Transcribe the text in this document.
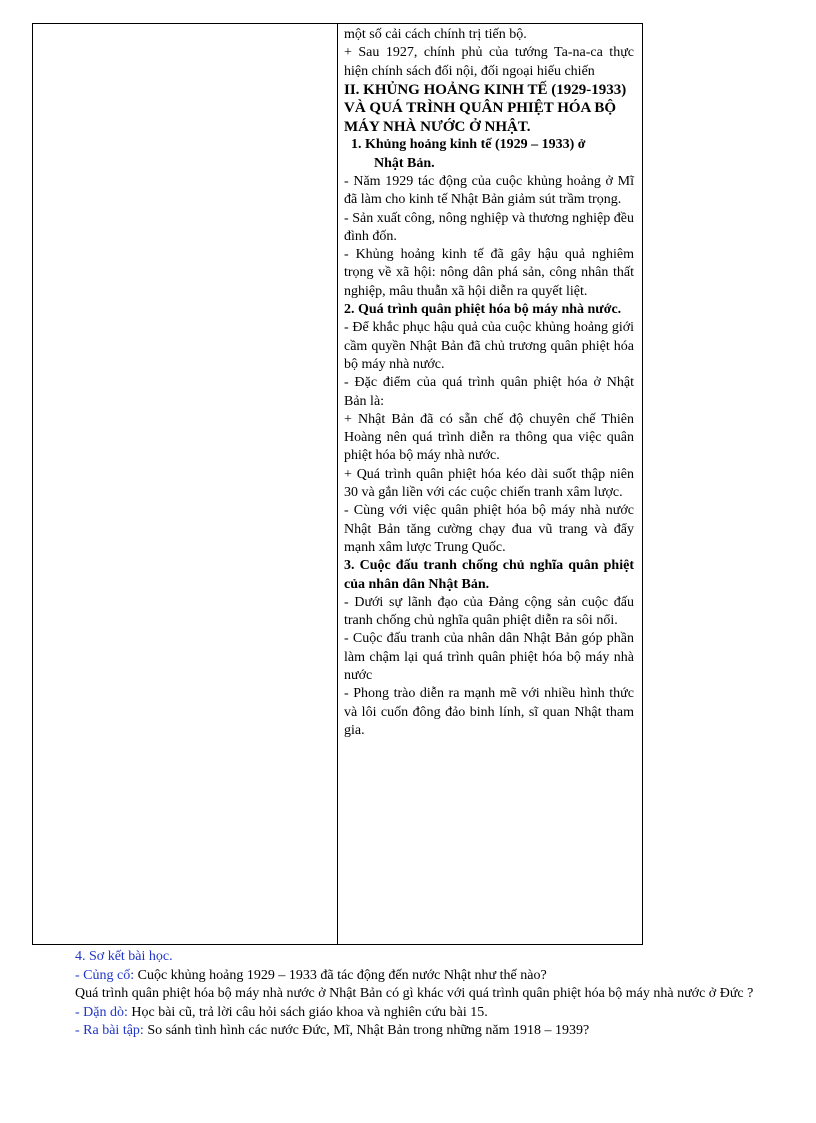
một số cải cách chính trị tiến bộ.

+ Sau 1927, chính phủ của tướng Ta-na-ca thực hiện chính sách đối nội, đối ngoại hiếu chiến

II. KHỦNG HOẢNG KINH TẾ (1929-1933) VÀ QUÁ TRÌNH QUÂN PHIỆT HÓA BỘ MÁY NHÀ NƯỚC Ở NHẬT.

1. Khủng hoảng kinh tế (1929 – 1933) ở Nhật Bản.

- Năm 1929 tác động của cuộc khủng hoảng ở Mĩ đã làm cho kinh tế Nhật Bản giảm sút trầm trọng.

- Sản xuất công, nông nghiệp và thương nghiệp đều đình đốn.

- Khủng hoảng kinh tế đã gây hậu quả nghiêm trọng về xã hội: nông dân phá sản, công nhân thất nghiệp, mâu thuẫn xã hội diễn ra quyết liệt.

2. Quá trình quân phiệt hóa bộ máy nhà nước.

- Để khắc phục hậu quả của cuộc khủng hoảng giới cầm quyền Nhật Bản đã chủ trương quân phiệt hóa bộ máy nhà nước.

- Đặc điểm của quá trình quân phiệt hóa ở Nhật Bản là:

+ Nhật Bản đã có sẵn chế độ chuyên chế Thiên Hoàng nên quá trình diễn ra thông qua việc quân phiệt hóa bộ máy nhà nước.

+ Quá trình quân phiệt hóa kéo dài suốt thập niên 30 và gắn liền với các cuộc chiến tranh xâm lược.

- Cùng với việc quân phiệt hóa bộ máy nhà nước Nhật Bản tăng cường chạy đua vũ trang và đẩy mạnh xâm lược Trung Quốc.

3. Cuộc đấu tranh chống chủ nghĩa quân phiệt của nhân dân Nhật Bản.

- Dưới sự lãnh đạo của Đảng cộng sản cuộc đấu tranh chống chủ nghĩa quân phiệt diễn ra sôi nổi.

- Cuộc đấu tranh của nhân dân Nhật Bản góp phần làm chậm lại quá trình quân phiệt hóa bộ máy nhà nước

- Phong trào diễn ra mạnh mẽ với nhiều hình thức và lôi cuốn đông đảo binh lính, sĩ quan Nhật tham gia.

4. Sơ kết bài học.

- Củng cố: Cuộc khủng hoảng 1929 – 1933 đã tác động đến nước Nhật như thế nào?

Quá trình quân phiệt hóa bộ máy nhà nước ở Nhật Bản có gì khác với quá trình quân phiệt hóa bộ máy nhà nước ở Đức ?

- Dặn dò: Học bài cũ, trả lời câu hỏi sách giáo khoa và nghiên cứu bài 15.

- Ra bài tập: So sánh tình hình các nước Đức, Mĩ, Nhật Bản trong những năm 1918 – 1939?
